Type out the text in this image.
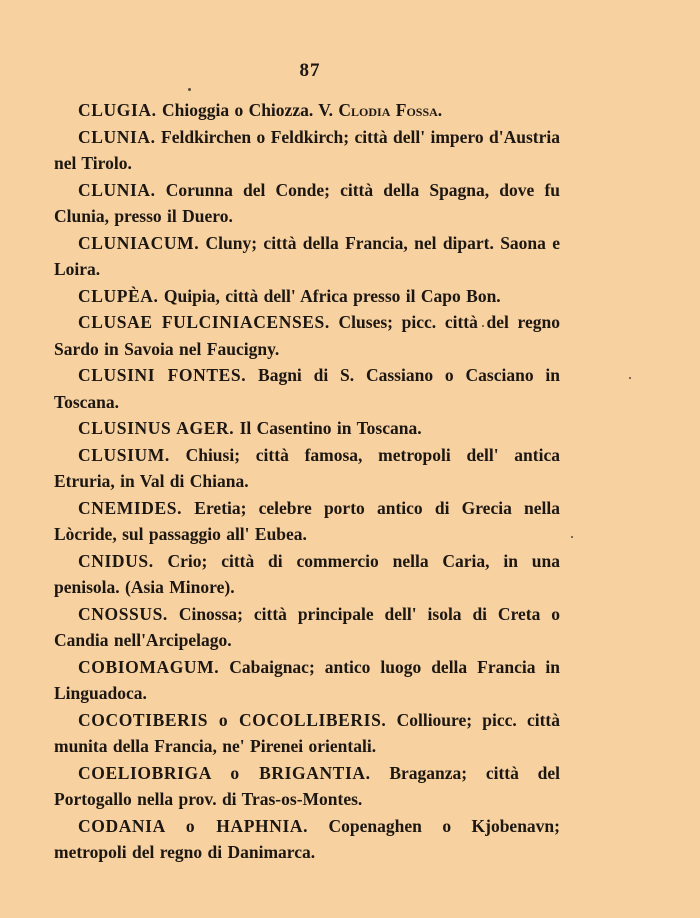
87

CLUGIA. Chioggia o Chiozza. V. Clodia Fossa.

CLUNIA. Feldkirchen o Feldkirch; città dell' impero d'Austria nel Tirolo.

CLUNIA. Corunna del Conde; città della Spagna, dove fu Clunia, presso il Duero.

CLUNIACUM. Cluny; città della Francia, nel dipart. Saona e Loira.

CLUPÈA. Quipia, città dell' Africa presso il Capo Bon.

CLUSAE FULCINIACENSES. Cluses; picc. città del regno Sardo in Savoia nel Faucigny.

CLUSINI FONTES. Bagni di S. Cassiano o Casciano in Toscana.

CLUSINUS AGER. Il Casentino in Toscana.

CLUSIUM. Chiusi; città famosa, metropoli dell' antica Etruria, in Val di Chiana.

CNEMIDES. Eretia; celebre porto antico di Grecia nella Lòcride, sul passaggio all' Eubea.

CNIDUS. Crio; città di commercio nella Caria, in una penisola. (Asia Minore).

CNOSSUS. Cinossa; città principale dell' isola di Creta o Candia nell'Arcipelago.

COBIOMAGUM. Cabaignac; antico luogo della Francia in Linguadoca.

COCOTIBERIS o COCOLLIBERIS. Collioure; picc. città munita della Francia, ne' Pirenei orientali.

COELIOBRIGA o BRIGANTIA. Braganza; città del Portogallo nella prov. di Tras-os-Montes.

CODANIA o HAPHNIA. Copenaghen o Kjobenavn; metropoli del regno di Danimarca.
